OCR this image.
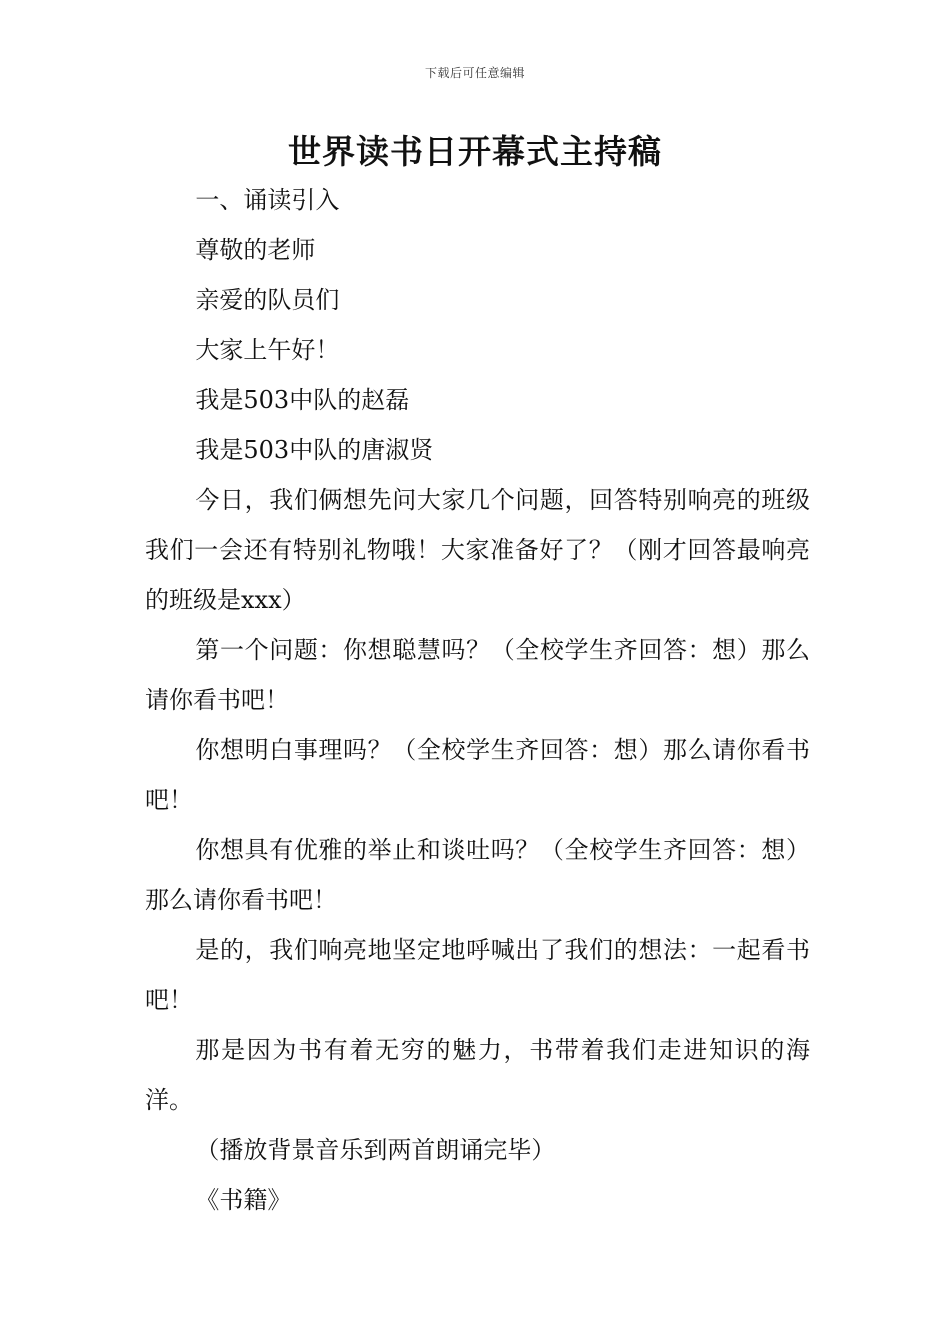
下载后可任意编辑
世界读书日开幕式主持稿

一、诵读引入

尊敬的老师

亲爱的队员们

大家上午好！

我是503中队的赵磊

我是503中队的唐淑贤

今日，我们俩想先问大家几个问题，回答特别响亮的班级我们一会还有特别礼物哦！大家准备好了？（刚才回答最响亮的班级是xxx）

第一个问题：你想聪慧吗？（全校学生齐回答：想）那么请你看书吧！

你想明白事理吗？（全校学生齐回答：想）那么请你看书吧！

你想具有优雅的举止和谈吐吗？（全校学生齐回答：想）那么请你看书吧！

是的，我们响亮地坚定地呼喊出了我们的想法：一起看书吧！

那是因为书有着无穷的魅力，书带着我们走进知识的海洋。

（播放背景音乐到两首朗诵完毕）

《书籍》
